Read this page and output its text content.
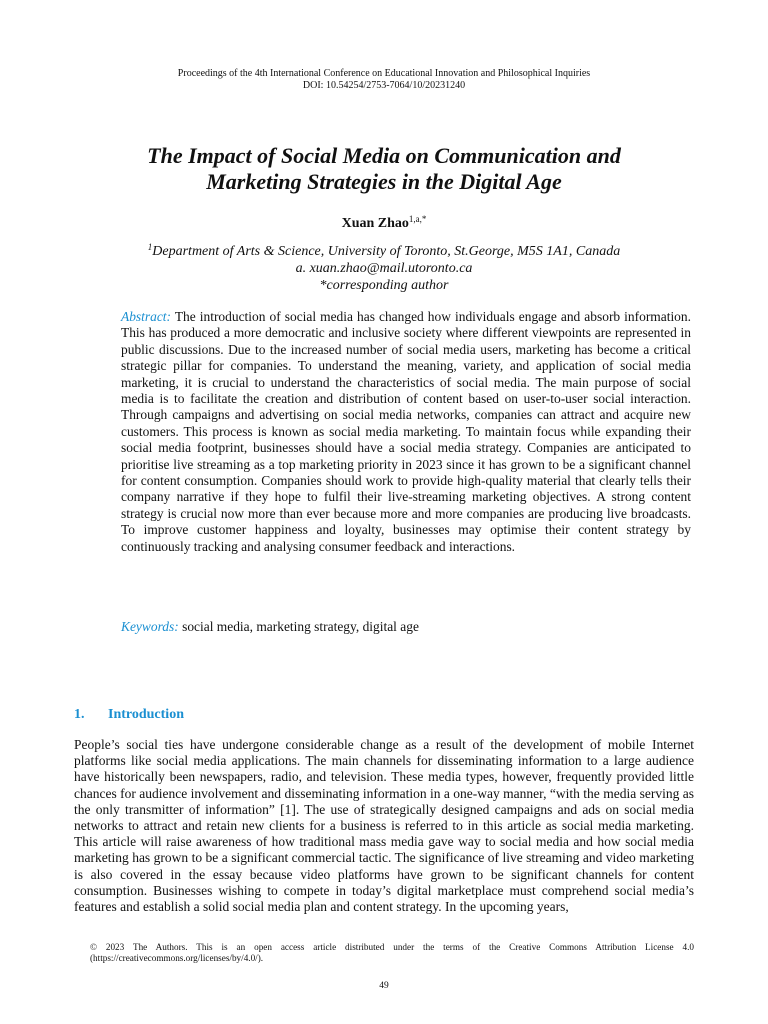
Proceedings of the 4th International Conference on Educational Innovation and Philosophical Inquiries
DOI: 10.54254/2753-7064/10/20231240
The Impact of Social Media on Communication and
Marketing Strategies in the Digital Age
Xuan Zhao$^{1,a,*}$
$^1$Department of Arts & Science, University of Toronto, St.George, M5S 1A1, Canada
a. xuan.zhao@mail.utoronto.ca
*corresponding author
Abstract: The introduction of social media has changed how individuals engage and absorb information. This has produced a more democratic and inclusive society where different viewpoints are represented in public discussions. Due to the increased number of social media users, marketing has become a critical strategic pillar for companies. To understand the meaning, variety, and application of social media marketing, it is crucial to understand the characteristics of social media. The main purpose of social media is to facilitate the creation and distribution of content based on user-to-user social interaction. Through campaigns and advertising on social media networks, companies can attract and acquire new customers. This process is known as social media marketing. To maintain focus while expanding their social media footprint, businesses should have a social media strategy. Companies are anticipated to prioritise live streaming as a top marketing priority in 2023 since it has grown to be a significant channel for content consumption. Companies should work to provide high-quality material that clearly tells their company narrative if they hope to fulfil their live-streaming marketing objectives. A strong content strategy is crucial now more than ever because more and more companies are producing live broadcasts. To improve customer happiness and loyalty, businesses may optimise their content strategy by continuously tracking and analysing consumer feedback and interactions.
Keywords: social media, marketing strategy, digital age
1. Introduction
People’s social ties have undergone considerable change as a result of the development of mobile Internet platforms like social media applications. The main channels for disseminating information to a large audience have historically been newspapers, radio, and television. These media types, however, frequently provided little chances for audience involvement and disseminating information in a one-way manner, “with the media serving as the only transmitter of information” [1]. The use of strategically designed campaigns and ads on social media networks to attract and retain new clients for a business is referred to in this article as social media marketing. This article will raise awareness of how traditional mass media gave way to social media and how social media marketing has grown to be a significant commercial tactic. The significance of live streaming and video marketing is also covered in the essay because video platforms have grown to be significant channels for content consumption. Businesses wishing to compete in today’s digital marketplace must comprehend social media’s features and establish a solid social media plan and content strategy. In the upcoming years,
© 2023 The Authors. This is an open access article distributed under the terms of the Creative Commons Attribution License 4.0 (https://creativecommons.org/licenses/by/4.0/).
49
